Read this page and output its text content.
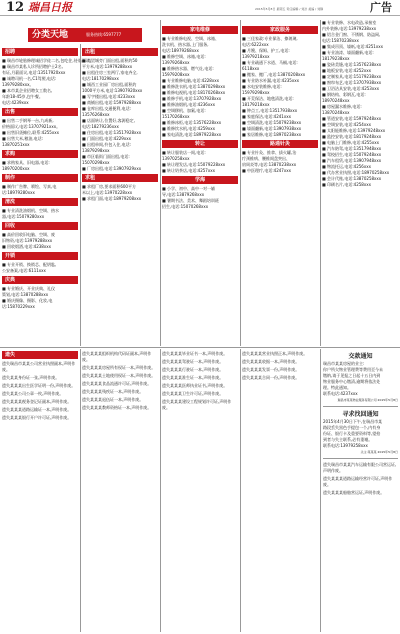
12 瑞昌日报	2015年5月8日 星期五 责任编辑 / 刘洪 美编 / 刘静	广告
分类天地	服务热线:6597777
招聘
■ 瑞昌市轮胎修理诚招学徒二名,包吃住,待遇面议。
■ 瑞昌市某私人诊所招聘护士2名,
有证,月薪面议,电话:13517920xxx
■ 诚聘司机一名,C1驾照,电话:
13979280xxx。
■ 本市某企业招聘女工数名,
年龄18-45岁,包午餐。
电话:4239xxx
出售
■ 出售二手钢琴一台,九成新,
价格面议,电话:13707921xxx。
■ 出售旧货摊位,联系:4255xxx
■ 出售大米,粮油,电话:
13870251xxx
求购
■ 求购家具、旧电器,电话:
18970200xxx
制作
■ 制作广告牌、喷绘、写真,电
话:18979280xxx
清洗
■ 专业清洗油烟机、空调、热水
器,电话:15079280xxx
回收
■ 高价回收旧电脑、空调、废
旧物资,电话:13979288xxx
■ 回收烟酒,电话:4238xxx
开锁
■ 专业开锁、换锁芯、配钥匙,
公安备案,电话:6111xxx
庆典
■ 专业婚庆、开业庆典、礼仪
策划,电话:13870288xxx
■ 婚庆摄像、摄影、化妆,电
话:15870229xxx
出租
■ 商贸城旁门面出租,面积约50
平方米,电话:13979288xxx
■ 出租住房三室两厅,家电齐全,
电话:18170298xxx
■ 城西工业园厂房出租,面积约
1000平方米,电话:13907920xxx
■ 写字楼出租,电话:4233xxx
■ 商铺出租,电话:15979288xxx
■ 仓库出租,交通便利,电话:
13576268xxx
■ 店面转让,位置好,客源稳定,
电话:18279236xxx
■ 住房出租,电话:13517928xxx
■ 门面出租,电话:4229xxx
■ 出租单间,拎包入住,电话:
13879298xxx
■ 市区临街门面出租,电话:
15070298xxx
■ 厂房出租,电话:13907929xxx
求租
■ 求租厂房,要求面积600平方
米以上,电话:13970228xxx
■ 求租门面,电话:18979208xxx
家电维修
■ 专业维修电视、空调、冰箱、
洗衣机、热水器,上门服务,
电话:18979268xxx
■ 维修空调、冰箱,电话:
13979268xxx
■ 维修热水器、燃气灶,电话:
15979208xxx
■ 专业维修电脑,电话:4228xxx
■ 维修洗衣机,电话:13870298xxx
■ 维修电视机,电话:18170268xxx
■ 维修手机,电话:13707928xxx
■ 维修油烟机,电话:4236xxx
■ 空调移机、加氟,电话:
15170268xxx
■ 维修冰柜,电话:13576228xxx
■ 维修饮水机,电话:4259xxx
■ 家电清洗,电话:18979228xxx
转让
■ 转让服装店一间,电话:
13970258xxx
■ 转让理发店,电话:15079228xxx
■ 转让奶茶店,电话:4257xxx
学海
■ 小学、初中、高中一对一辅
导,电话:13879268xxx
■ 暑期书法、美术、舞蹈培训班
招生,电话:15070268xxx
家政服务
■ 三佳家政:专业保洁、擦玻璃,
电话:6222xxx
■ 月嫂、保姆、护工,电话:
13979218xxx
■ 专业疏通下水道、马桶,电话:
6118xxx
■ 搬家、搬厂,电话:13870208xxx
■ 专业防水补漏,电话:4235xxx
■ 水电安装维修,电话:
15979298xxx
■ 开荒保洁、地毯清洗,电话:
18179218xxx
■ 钟点工,电话:13517938xxx
■ 家庭保洁,电话:4241xxx
■ 空调清洗,电话:15079238xxx
■ 墙面翻新,电话:13907938xxx
■ 家居维修,电话:18970238xxx
路通针灸
■ 专业针灸、推拿、拔火罐,治
疗颈椎病、腰椎间盘突出、
肩周炎等,电话:13870238xxx
■ 中医理疗,电话:4247xxx
■ 专业装修、水电改造,承接室
内外装修,电话:13979238xxx
■ 铝合金门窗、不锈钢、防盗网,
电话:15870238xxx
■ 集成吊顶、墙纸,电话:4251xxx
■ 专业油漆、墙面翻新,电话:
18179238xxx
■ 瓷砖美缝,电话:13576238xxx
■ 地板安装,电话:4252xxx
■ 定制家具,电话:15179238xxx
■ 窗帘布艺,电话:13707938xxx
■ 卫浴洁具安装,电话:4253xxx
■ 钢结构、彩钢瓦,电话:
18970248xxx
■ 房屋漏水维修,电话:
13870248xxx
■ 管道安装,电话:15979248xxx
■ 空调安装,电话:4254xxx
■ 太阳能维修,电话:13979248xxx
■ 监控安装,电话:18179248xxx
■ 电脑上门维修,电话:4255xxx
■ 汽车陪驾,电话:13517948xxx
■ 驾校招生,电话:15079248xxx
■ 汽车租赁,电话:13907948xxx
■ 物流托运,电话:4256xxx
■ 代办营业执照,电话:18970258xxx
■ 会计代账,电话:13870258xxx
■ 印刷名片,电话:4258xxx
遗失
遗失瑞昌市某某公司营业执照副本,声明作废。
遗失某某身份证一张,声明作废。
遗失某某某出生医学证明一份,声明作废。
遗失某某公司公章一枚,声明作废。
遗失某某某税务登记证副本,声明作废。
遗失某某某道路运输证一本,声明作废。
遗失某某某银行开户许可证,声明作废。
遗失某某某组织机构代码证副本,声明作废。
遗失某某某房屋所有权证一本,声明作废。
遗失某某某土地使用权证一本,声明作废。
遗失某某某食品流通许可证,声明作废。
遗失某某某残疾证一本,声明作废。
遗失某某某退伍证一本,声明作废。
遗失某某某教师资格证一本,声明作废。
遗失某某某毕业证书一本,声明作废。
遗失某某某驾驶证一本,声明作废。
遗失某某某行驶证一本,声明作废。
遗失某某某准生证一本,声明作废。
遗失某某某医师执业证书,声明作废。
遗失某某某卫生许可证,声明作废。
遗失某某某建设工程规划许可证,声明作废。
遗失某某某营业执照正本,声明作废。
遗失某某某收据一本,声明作废。
遗失某某某发票一份,声明作废。
遗失某某某合同一份,声明作废。
交款通知
瑞昌市某某房屋的业主:
你户所欠物业管理费等费用至今未
缴纳,请于见报之日起十五日内到
物业服务中心缴清,逾期将依法处
理。特此通知。
联系电话:4237xxx
瑞昌市某某物业服务有限公司 2015年5月8日
寻求找回通知
2015年4月30日下午,在瑞昌市某
路段丢失黑色手提包一个,内有身
份证、银行卡及重要资料等,望拾
到者与失主联系,必有重谢。
联系电话:13979258xxx
失主:某某某 2015年5月8日
遗失瑞昌市某某汽车运输有限公司营运证,声明作废。
遗失某某某道路运输经营许可证,声明作废。
遗失某某某船舶营运证,声明作废。
